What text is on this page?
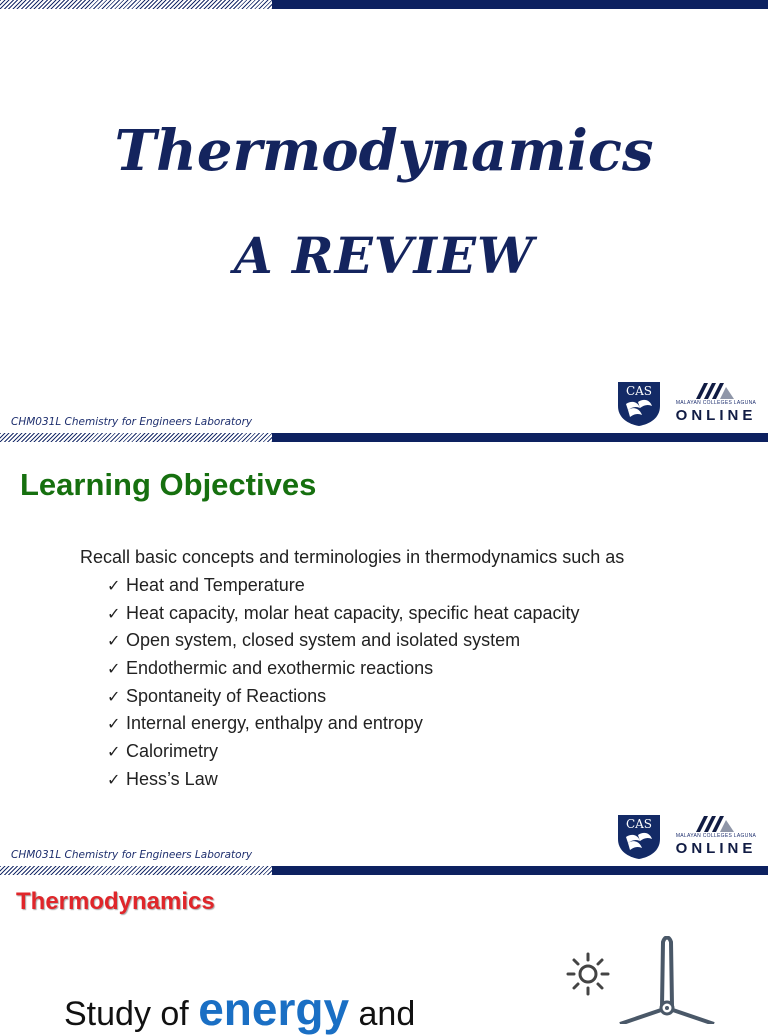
Thermodynamics
A REVIEW
CHM031L Chemistry for Engineers Laboratory
CAS
MALAYAN COLLEGES LAGUNA
ONLINE
Learning Objectives
Recall basic concepts and terminologies in thermodynamics such as
✓ Heat and Temperature
✓ Heat capacity, molar heat capacity, specific heat capacity
✓ Open system, closed system and isolated system
✓ Endothermic and exothermic reactions
✓ Spontaneity of Reactions
✓ Internal energy, enthalpy and entropy
✓ Calorimetry
✓ Hess’s Law
CHM031L Chemistry for Engineers Laboratory
CAS
MALAYAN COLLEGES LAGUNA
ONLINE
Thermodynamics
Study of energy and
